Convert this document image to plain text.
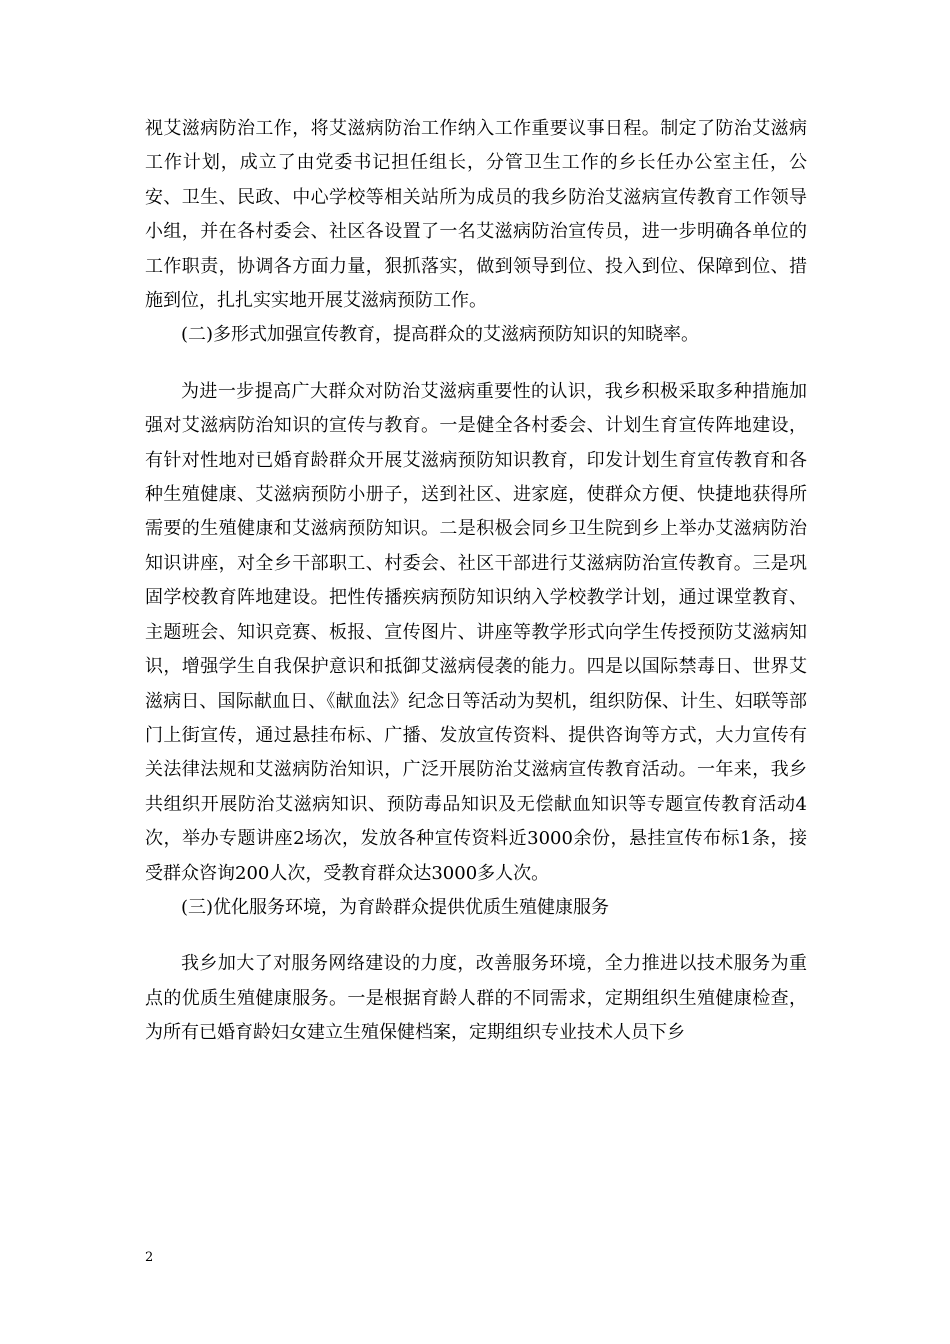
视艾滋病防治工作，将艾滋病防治工作纳入工作重要议事日程。制定了防治艾滋病工作计划，成立了由党委书记担任组长，分管卫生工作的乡长任办公室主任，公安、卫生、民政、中心学校等相关站所为成员的我乡防治艾滋病宣传教育工作领导小组，并在各村委会、社区各设置了一名艾滋病防治宣传员，进一步明确各单位的工作职责，协调各方面力量，狠抓落实，做到领导到位、投入到位、保障到位、措施到位，扎扎实实地开展艾滋病预防工作。

(二)多形式加强宣传教育，提高群众的艾滋病预防知识的知晓率。

为进一步提高广大群众对防治艾滋病重要性的认识，我乡积极采取多种措施加强对艾滋病防治知识的宣传与教育。一是健全各村委会、计划生育宣传阵地建设，有针对性地对已婚育龄群众开展艾滋病预防知识教育，印发计划生育宣传教育和各种生殖健康、艾滋病预防小册子，送到社区、进家庭，使群众方便、快捷地获得所需要的生殖健康和艾滋病预防知识。二是积极会同乡卫生院到乡上举办艾滋病防治知识讲座，对全乡干部职工、村委会、社区干部进行艾滋病防治宣传教育。三是巩固学校教育阵地建设。把性传播疾病预防知识纳入学校教学计划，通过课堂教育、主题班会、知识竞赛、板报、宣传图片、讲座等教学形式向学生传授预防艾滋病知识，增强学生自我保护意识和抵御艾滋病侵袭的能力。四是以国际禁毒日、世界艾滋病日、国际献血日、《献血法》纪念日等活动为契机，组织防保、计生、妇联等部门上街宣传，通过悬挂布标、广播、发放宣传资料、提供咨询等方式，大力宣传有关法律法规和艾滋病防治知识，广泛开展防治艾滋病宣传教育活动。一年来，我乡共组织开展防治艾滋病知识、预防毒品知识及无偿献血知识等专题宣传教育活动4次，举办专题讲座2场次，发放各种宣传资料近3000余份，悬挂宣传布标1条，接受群众咨询200人次，受教育群众达3000多人次。

(三)优化服务环境，为育龄群众提供优质生殖健康服务

我乡加大了对服务网络建设的力度，改善服务环境，全力推进以技术服务为重点的优质生殖健康服务。一是根据育龄人群的不同需求，定期组织生殖健康检查，为所有已婚育龄妇女建立生殖保健档案，定期组织专业技术人员下乡

2
